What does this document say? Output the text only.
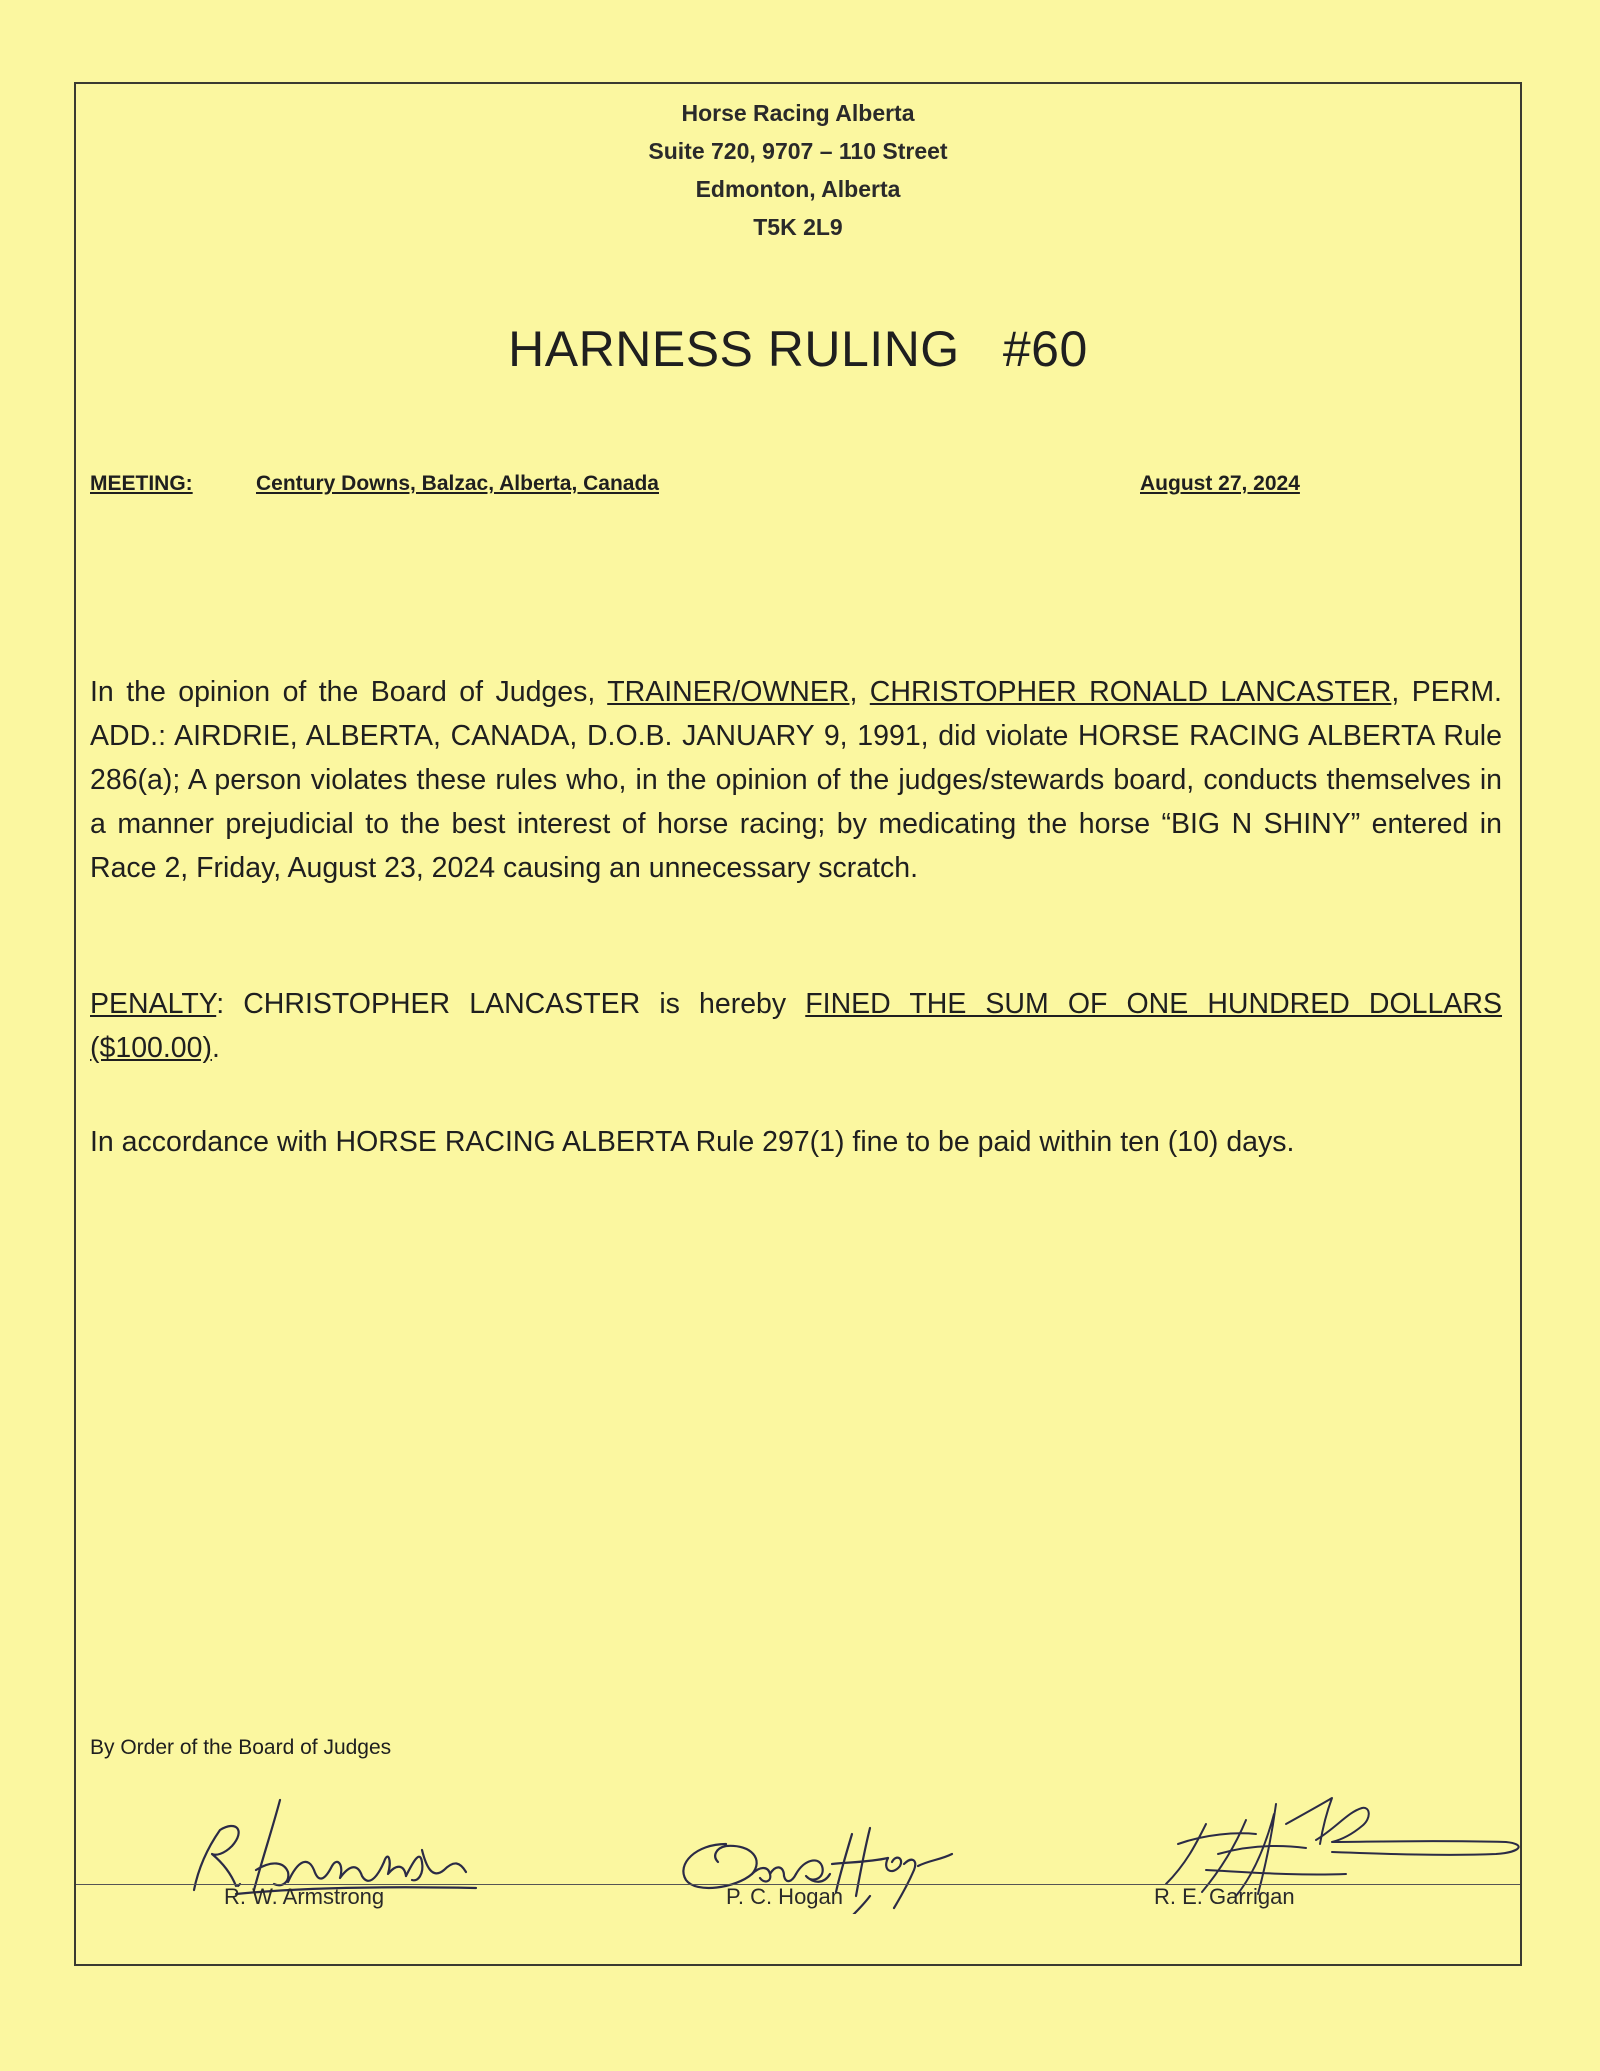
Horse Racing Alberta
Suite 720, 9707 – 110 Street
Edmonton, Alberta
T5K 2L9
HARNESS RULING   #60
MEETING:	Century Downs, Balzac, Alberta, Canada	August 27, 2024
In the opinion of the Board of Judges, TRAINER/OWNER, CHRISTOPHER RONALD LANCASTER, PERM. ADD.: AIRDRIE, ALBERTA, CANADA, D.O.B. JANUARY 9, 1991, did violate HORSE RACING ALBERTA Rule 286(a); A person violates these rules who, in the opinion of the judges/stewards board, conducts themselves in a manner prejudicial to the best interest of horse racing; by medicating the horse “BIG N SHINY” entered in Race 2, Friday, August 23, 2024 causing an unnecessary scratch.
PENALTY: CHRISTOPHER LANCASTER is hereby FINED THE SUM OF ONE HUNDRED DOLLARS ($100.00).
In accordance with HORSE RACING ALBERTA Rule 297(1) fine to be paid within ten (10) days.
By Order of the Board of Judges
R. W. Armstrong	P. C. Hogan	R. E. Garrigan
